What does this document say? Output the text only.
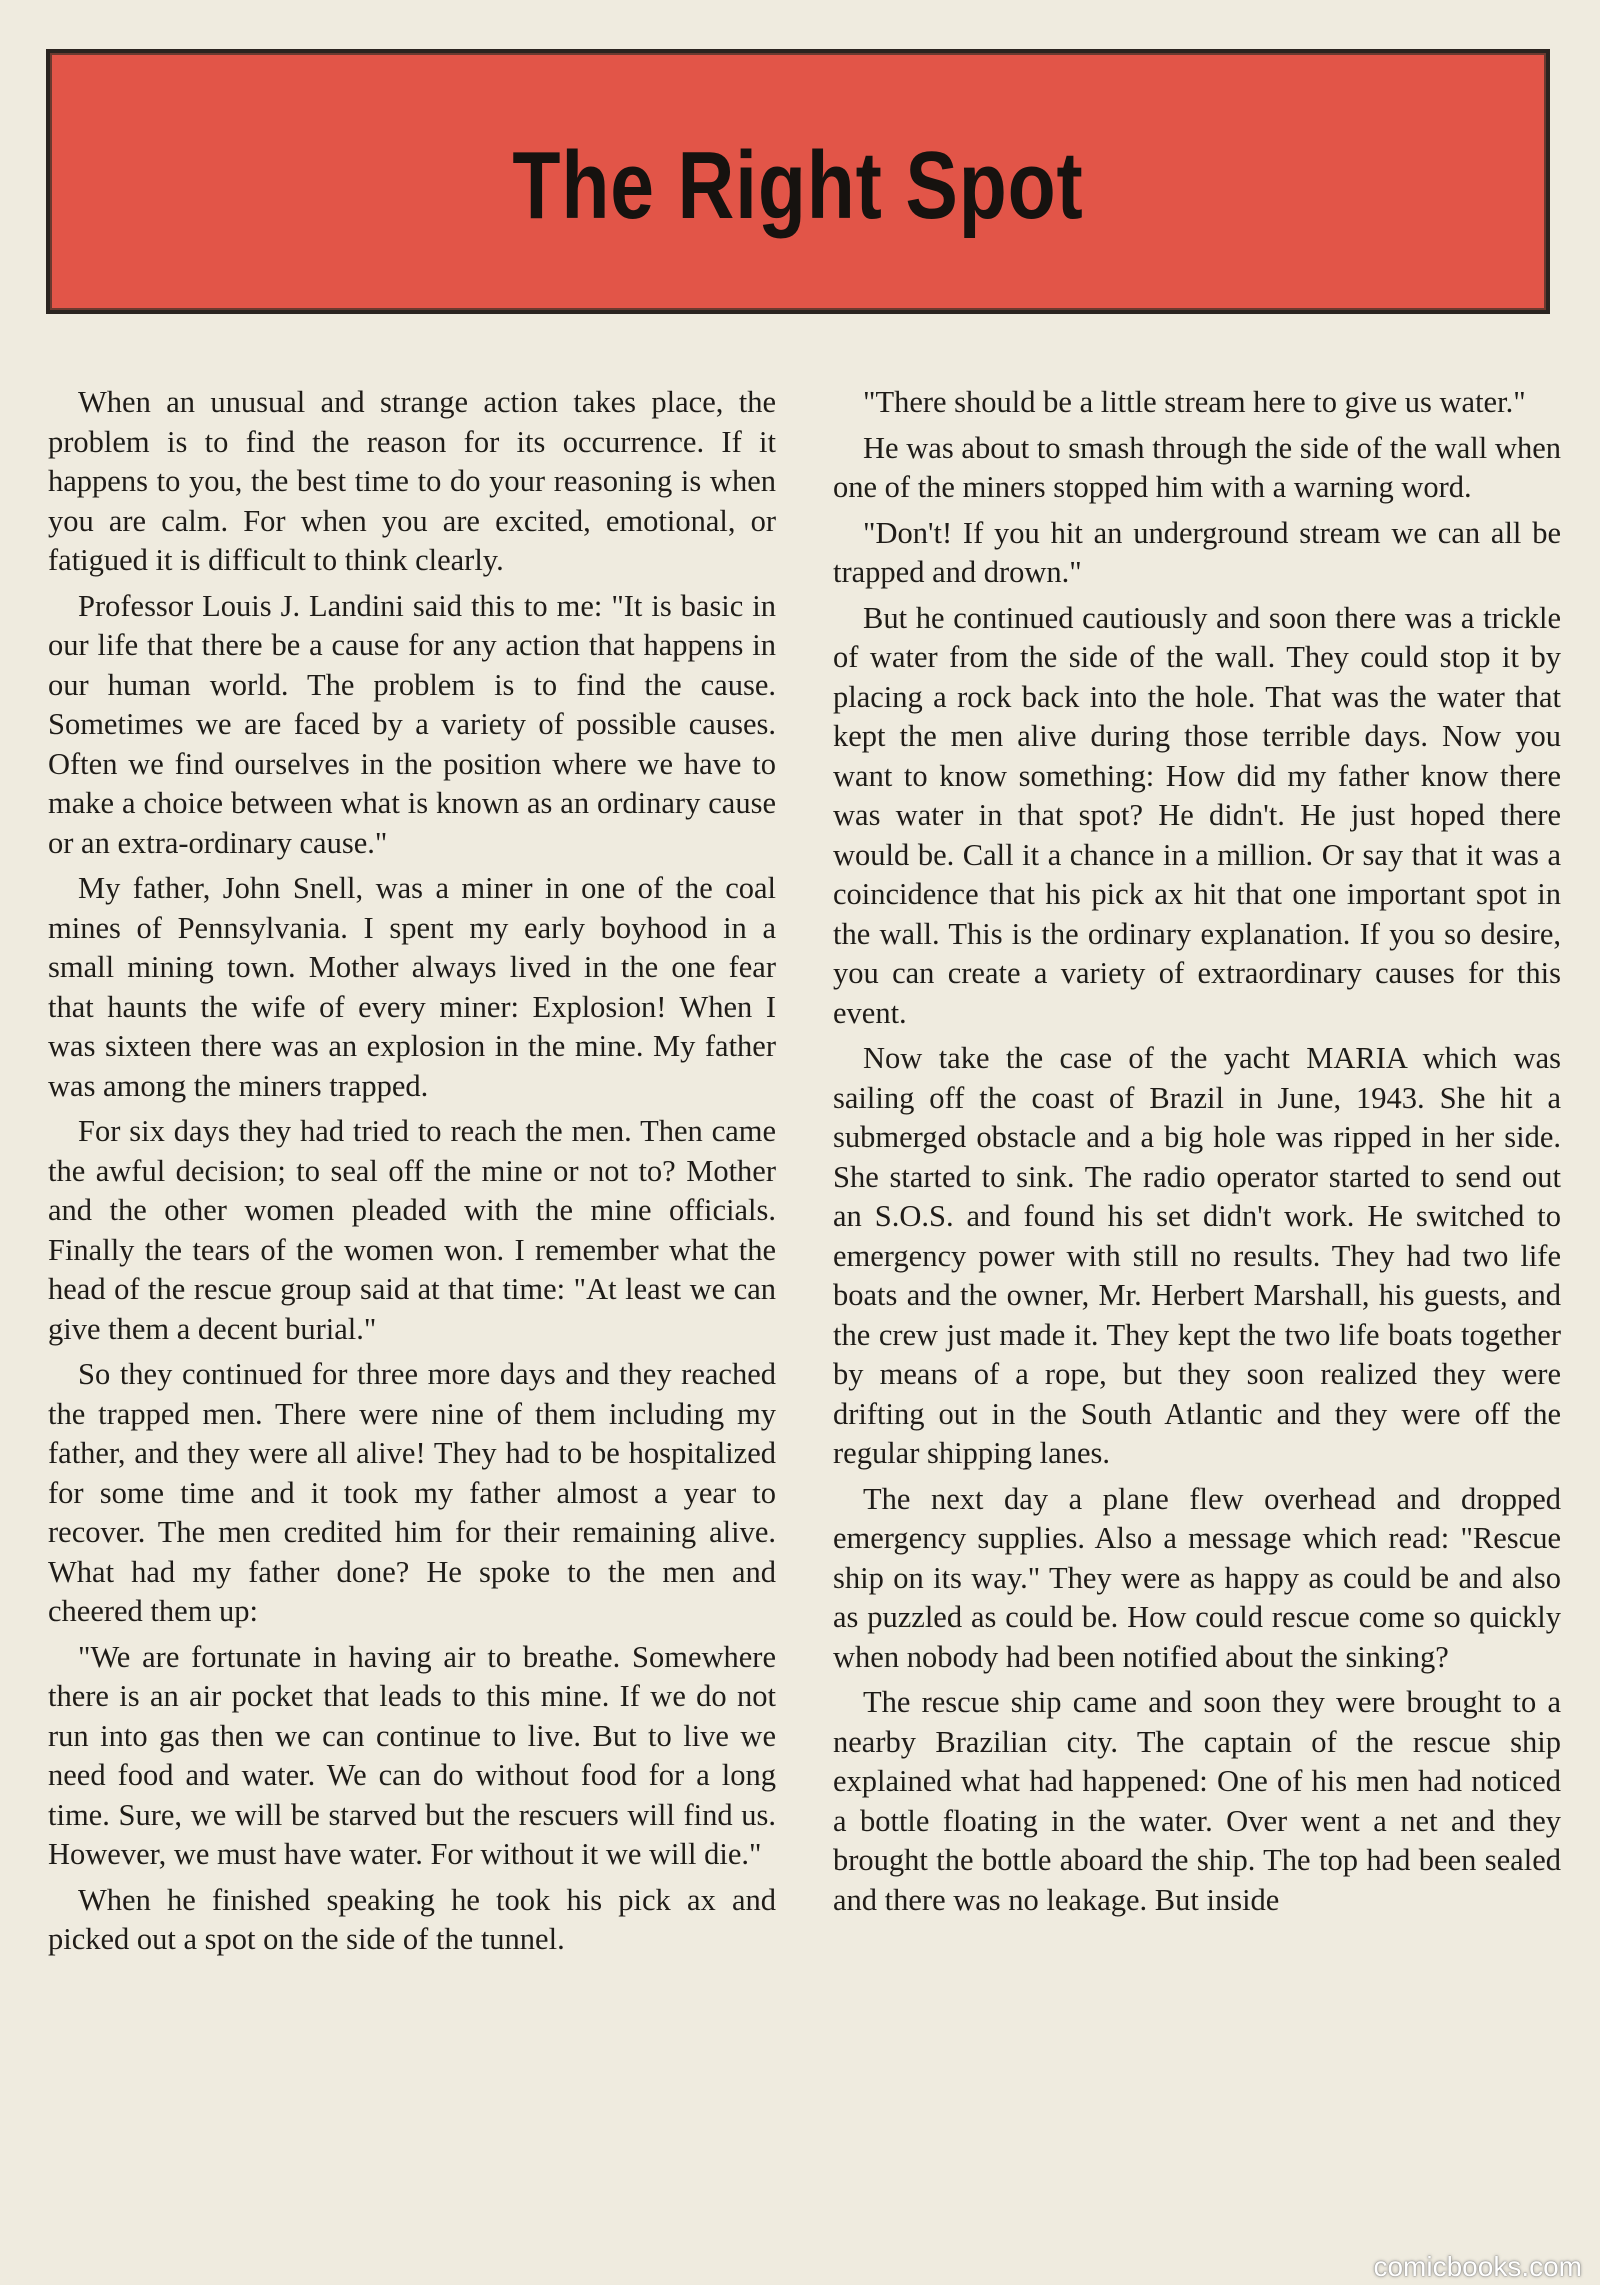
The Right Spot

When an unusual and strange action takes place, the problem is to find the reason for its occurrence. If it happens to you, the best time to do your reasoning is when you are calm. For when you are excited, emotional, or fatigued it is difficult to think clearly.

Professor Louis J. Landini said this to me: "It is basic in our life that there be a cause for any action that happens in our human world. The problem is to find the cause. Sometimes we are faced by a variety of possible causes. Often we find ourselves in the position where we have to make a choice between what is known as an ordinary cause or an extra-ordinary cause."

My father, John Snell, was a miner in one of the coal mines of Pennsylvania. I spent my early boyhood in a small mining town. Mother always lived in the one fear that haunts the wife of every miner: Explosion! When I was sixteen there was an explosion in the mine. My father was among the miners trapped.

For six days they had tried to reach the men. Then came the awful decision; to seal off the mine or not to? Mother and the other women pleaded with the mine officials. Finally the tears of the women won. I remember what the head of the rescue group said at that time: "At least we can give them a decent burial."

So they continued for three more days and they reached the trapped men. There were nine of them including my father, and they were all alive! They had to be hospitalized for some time and it took my father almost a year to recover. The men credited him for their remaining alive. What had my father done? He spoke to the men and cheered them up:

"We are fortunate in having air to breathe. Somewhere there is an air pocket that leads to this mine. If we do not run into gas then we can continue to live. But to live we need food and water. We can do without food for a long time. Sure, we will be starved but the rescuers will find us. However, we must have water. For without it we will die."

When he finished speaking he took his pick ax and picked out a spot on the side of the tunnel.

"There should be a little stream here to give us water."

He was about to smash through the side of the wall when one of the miners stopped him with a warning word.

"Don't! If you hit an underground stream we can all be trapped and drown."

But he continued cautiously and soon there was a trickle of water from the side of the wall. They could stop it by placing a rock back into the hole. That was the water that kept the men alive during those terrible days. Now you want to know something: How did my father know there was water in that spot? He didn't. He just hoped there would be. Call it a chance in a million. Or say that it was a coincidence that his pick ax hit that one important spot in the wall. This is the ordinary explanation. If you so desire, you can create a variety of extraordinary causes for this event.

Now take the case of the yacht MARIA which was sailing off the coast of Brazil in June, 1943. She hit a submerged obstacle and a big hole was ripped in her side. She started to sink. The radio operator started to send out an S.O.S. and found his set didn't work. He switched to emergency power with still no results. They had two life boats and the owner, Mr. Herbert Marshall, his guests, and the crew just made it. They kept the two life boats together by means of a rope, but they soon realized they were drifting out in the South Atlantic and they were off the regular shipping lanes.

The next day a plane flew overhead and dropped emergency supplies. Also a message which read: "Rescue ship on its way." They were as happy as could be and also as puzzled as could be. How could rescue come so quickly when nobody had been notified about the sinking?

The rescue ship came and soon they were brought to a nearby Brazilian city. The captain of the rescue ship explained what had happened: One of his men had noticed a bottle floating in the water. Over went a net and they brought the bottle aboard the ship. The top had been sealed and there was no leakage. But inside

comicbooks.com
